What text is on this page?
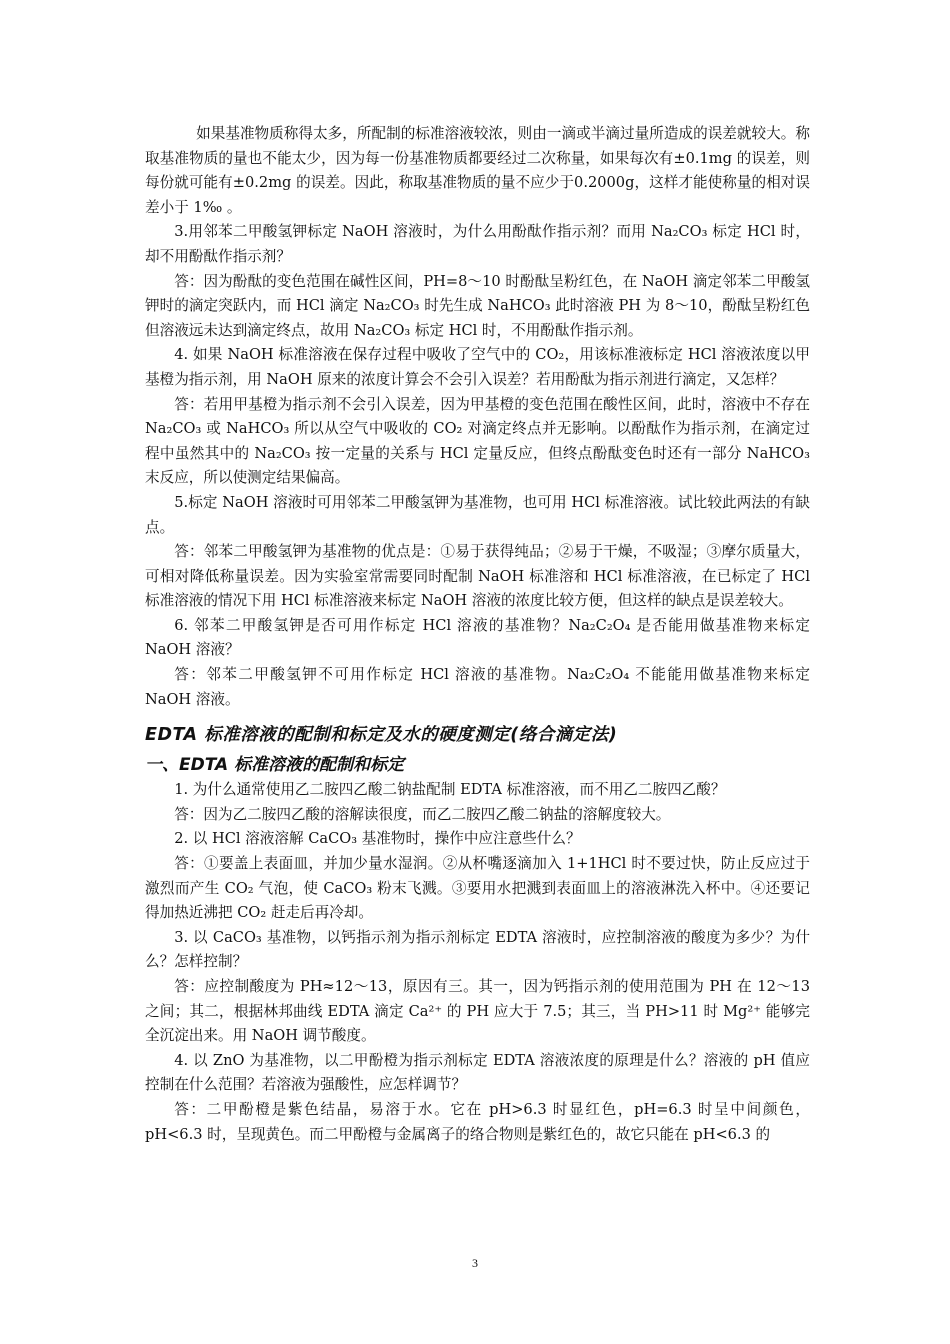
如果基准物质称得太多，所配制的标准溶液较浓，则由一滴或半滴过量所造成的误差就较大。称取基准物质的量也不能太少，因为每一份基准物质都要经过二次称量，如果每次有±0.1mg 的误差，则每份就可能有±0.2mg 的误差。因此，称取基准物质的量不应少于0.2000g，这样才能使称量的相对误差小于 1‰ 。

3.用邻苯二甲酸氢钾标定 NaOH 溶液时，为什么用酚酞作指示剂？而用 Na₂CO₃ 标定 HCl 时，却不用酚酞作指示剂？

答：因为酚酞的变色范围在碱性区间，PH=8～10 时酚酞呈粉红色，在 NaOH 滴定邻苯二甲酸氢钾时的滴定突跃内，而 HCl 滴定 Na₂CO₃ 时先生成 NaHCO₃ 此时溶液 PH 为 8～10，酚酞呈粉红色但溶液远未达到滴定终点，故用 Na₂CO₃ 标定 HCl 时，不用酚酞作指示剂。

4. 如果 NaOH 标准溶液在保存过程中吸收了空气中的 CO₂，用该标准液标定 HCl 溶液浓度以甲基橙为指示剂，用 NaOH 原来的浓度计算会不会引入误差？若用酚酞为指示剂进行滴定，又怎样？

答：若用甲基橙为指示剂不会引入误差，因为甲基橙的变色范围在酸性区间，此时，溶液中不存在 Na₂CO₃ 或 NaHCO₃ 所以从空气中吸收的 CO₂ 对滴定终点并无影响。以酚酞作为指示剂，在滴定过程中虽然其中的 Na₂CO₃ 按一定量的关系与 HCl 定量反应，但终点酚酞变色时还有一部分 NaHCO₃ 末反应，所以使测定结果偏高。

5.标定 NaOH 溶液时可用邻苯二甲酸氢钾为基准物，也可用 HCl 标准溶液。试比较此两法的有缺点。

答：邻苯二甲酸氢钾为基准物的优点是：①易于获得纯品；②易于干燥，不吸湿；③摩尔质量大，可相对降低称量误差。因为实验室常需要同时配制 NaOH 标准溶和 HCl 标准溶液，在已标定了 HCl 标准溶液的情况下用 HCl 标准溶液来标定 NaOH 溶液的浓度比较方便，但这样的缺点是误差较大。

6. 邻苯二甲酸氢钾是否可用作标定 HCl 溶液的基准物？Na₂C₂O₄ 是否能用做基准物来标定 NaOH 溶液？

答：邻苯二甲酸氢钾不可用作标定 HCl 溶液的基准物。Na₂C₂O₄ 不能能用做基准物来标定 NaOH 溶液。

EDTA 标准溶液的配制和标定及水的硬度测定(络合滴定法)
一、EDTA 标准溶液的配制和标定

1. 为什么通常使用乙二胺四乙酸二钠盐配制 EDTA 标准溶液，而不用乙二胺四乙酸？

答：因为乙二胺四乙酸的溶解读很度，而乙二胺四乙酸二钠盐的溶解度较大。

2. 以 HCl 溶液溶解 CaCO₃ 基准物时，操作中应注意些什么？

答：①要盖上表面皿，并加少量水湿润。②从杯嘴逐滴加入 1+1HCl 时不要过快，防止反应过于激烈而产生 CO₂ 气泡，使 CaCO₃ 粉末飞溅。③要用水把溅到表面皿上的溶液淋洗入杯中。④还要记得加热近沸把 CO₂ 赶走后再冷却。

3. 以 CaCO₃ 基准物，以钙指示剂为指示剂标定 EDTA 溶液时，应控制溶液的酸度为多少？为什么？怎样控制？

答：应控制酸度为 PH≈12～13，原因有三。其一，因为钙指示剂的使用范围为 PH 在 12～13 之间；其二，根据林邦曲线 EDTA 滴定 Ca²⁺ 的 PH 应大于 7.5；其三，当 PH>11 时 Mg²⁺ 能够完全沉淀出来。用 NaOH 调节酸度。

4. 以 ZnO 为基准物，以二甲酚橙为指示剂标定 EDTA 溶液浓度的原理是什么？溶液的 pH 值应控制在什么范围？若溶液为强酸性，应怎样调节？

答：二甲酚橙是紫色结晶，易溶于水。它在 pH>6.3 时显红色，pH=6.3 时呈中间颜色，pH<6.3 时，呈现黄色。而二甲酚橙与金属离子的络合物则是紫红色的，故它只能在 pH<6.3 的

3
